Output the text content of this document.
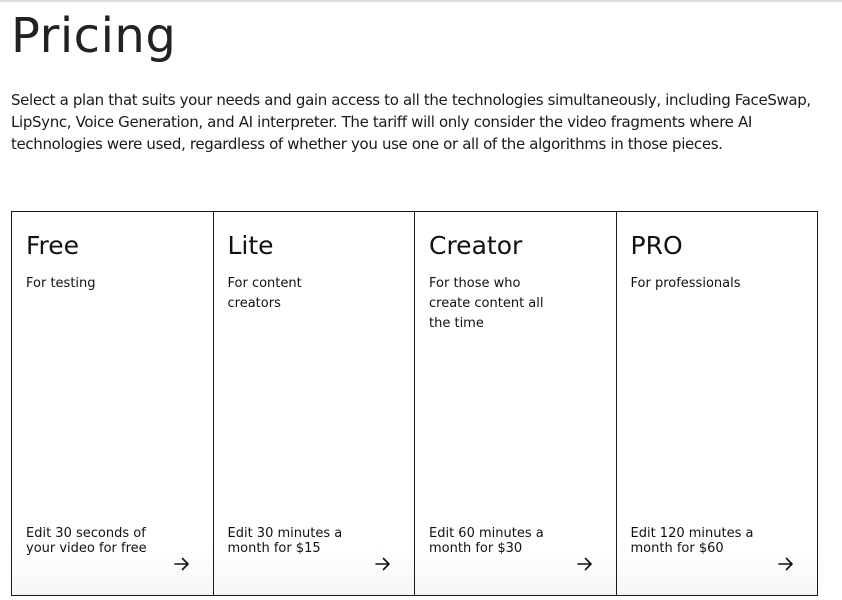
Pricing

Select a plan that suits your needs and gain access to all the technologies simultaneously, including FaceSwap, LipSync, Voice Generation, and AI interpreter. The tariff will only consider the video fragments where AI technologies were used, regardless of whether you use one or all of the algorithms in those pieces.

Free
For testing
Edit 30 seconds of your video for free
Lite
For content creators
Edit 30 minutes a month for $15
Creator
For those who create content all the time
Edit 60 minutes a month for $30
PRO
For professionals
Edit 120 minutes a month for $60
